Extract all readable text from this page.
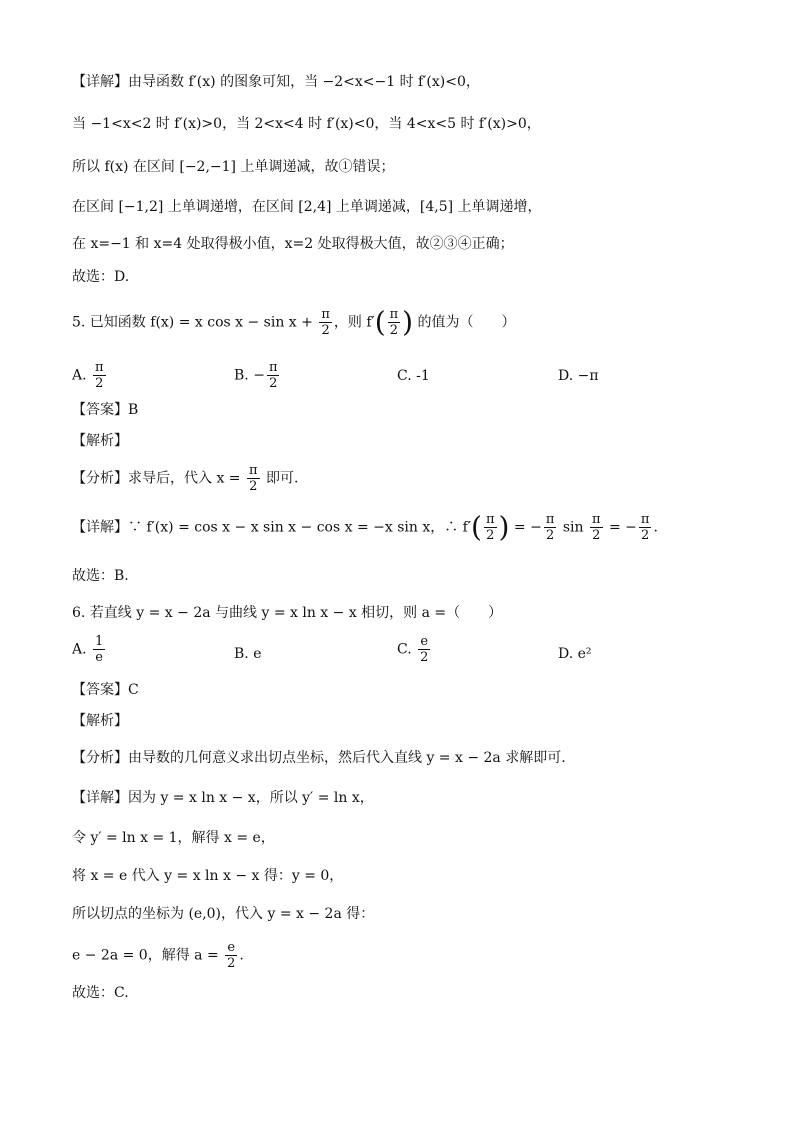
【详解】由导函数 f′(x) 的图象可知，当 −2<x<−1 时 f′(x)<0，
当 −1<x<2 时 f′(x)>0，当 2<x<4 时 f′(x)<0，当 4<x<5 时 f′(x)>0，
所以 f(x) 在区间 [−2,−1] 上单调递减，故①错误；
在区间 [−1,2] 上单调递增，在区间 [2,4] 上单调递减，[4,5] 上单调递增，
在 x=−1 和 x=4 处取得极小值，x=2 处取得极大值，故②③④正确；
故选：D.
5. 已知函数 f(x) = x $\cos x - \sin x + \frac{\pi}{2}$ ，则 $f'( \frac{\pi}{2}$ ) 的值为（　　）
A. $\frac{\pi}{2}$	B. − $\frac{\pi}{2}$	C. -1	D. −π
【答案】B
【解析】
【分析】求导后，代入 $x = \frac{\pi}{2}$ 即可.
【详解】∵ f′(x) = cos x − x sin x − cos x = −x sin x，∴ $f'( \frac{\pi}{2}$ ) = − $\frac{\pi}{2}$ $\sin \frac{\pi}{2}$ = − $\frac{\pi}{2}$ .
故选：B.
6. 若直线 y = x − 2a 与曲线 y = x ln x − x 相切，则 a =（　　）
A. $\frac{1}{e}$	B. e	C. $\frac{e}{2}$	D. e²
【答案】C
【解析】
【分析】由导数的几何意义求出切点坐标，然后代入直线 y = x − 2a 求解即可.
【详解】因为 y = x ln x − x，所以 y′ = ln x，
令 y′ = ln x = 1，解得 x = e，
将 x = e 代入 y = x ln x − x 得：y = 0，
所以切点的坐标为 (e,0)，代入 y = x − 2a 得：
e − 2a = 0，解得 $a = \frac{e}{2}$ .
故选：C.
